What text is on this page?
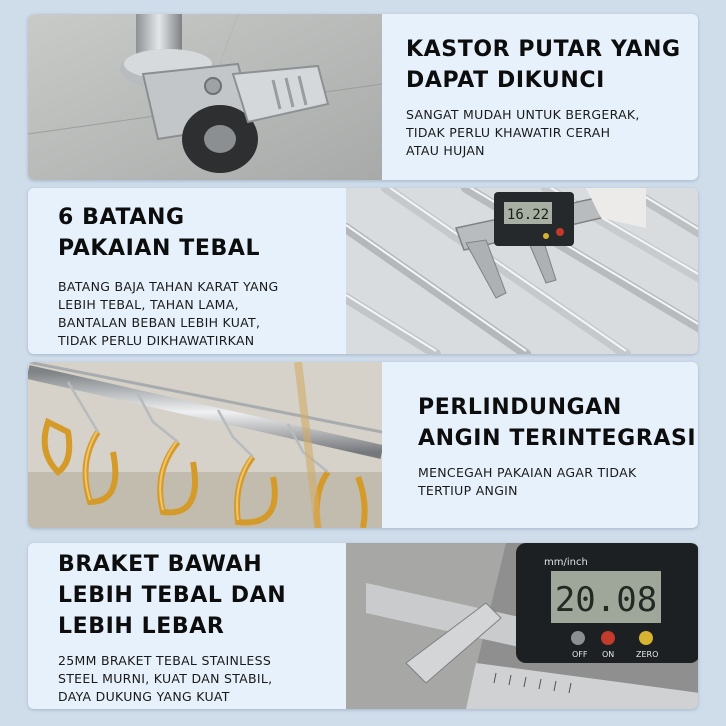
KASTOR PUTAR YANG
DAPAT DIKUNCI

SANGAT MUDAH UNTUK BERGERAK,
TIDAK PERLU KHAWATIR CERAH
ATAU HUJAN

6 BATANG
PAKAIAN TEBAL

BATANG BAJA TAHAN KARAT YANG
LEBIH TEBAL, TAHAN LAMA,
BANTALAN BEBAN LEBIH KUAT,
TIDAK PERLU DIKHAWATIRKAN

16.22

PERLINDUNGAN
ANGIN TERINTEGRASI

MENCEGAH PAKAIAN AGAR TIDAK
TERTIUP ANGIN

BRAKET BAWAH
LEBIH TEBAL DAN
LEBIH LEBAR

25MM BRAKET TEBAL STAINLESS
STEEL MURNI, KUAT DAN STABIL,
DAYA DUKUNG YANG KUAT

mm/inch
20.08
OFF ON	ZERO
